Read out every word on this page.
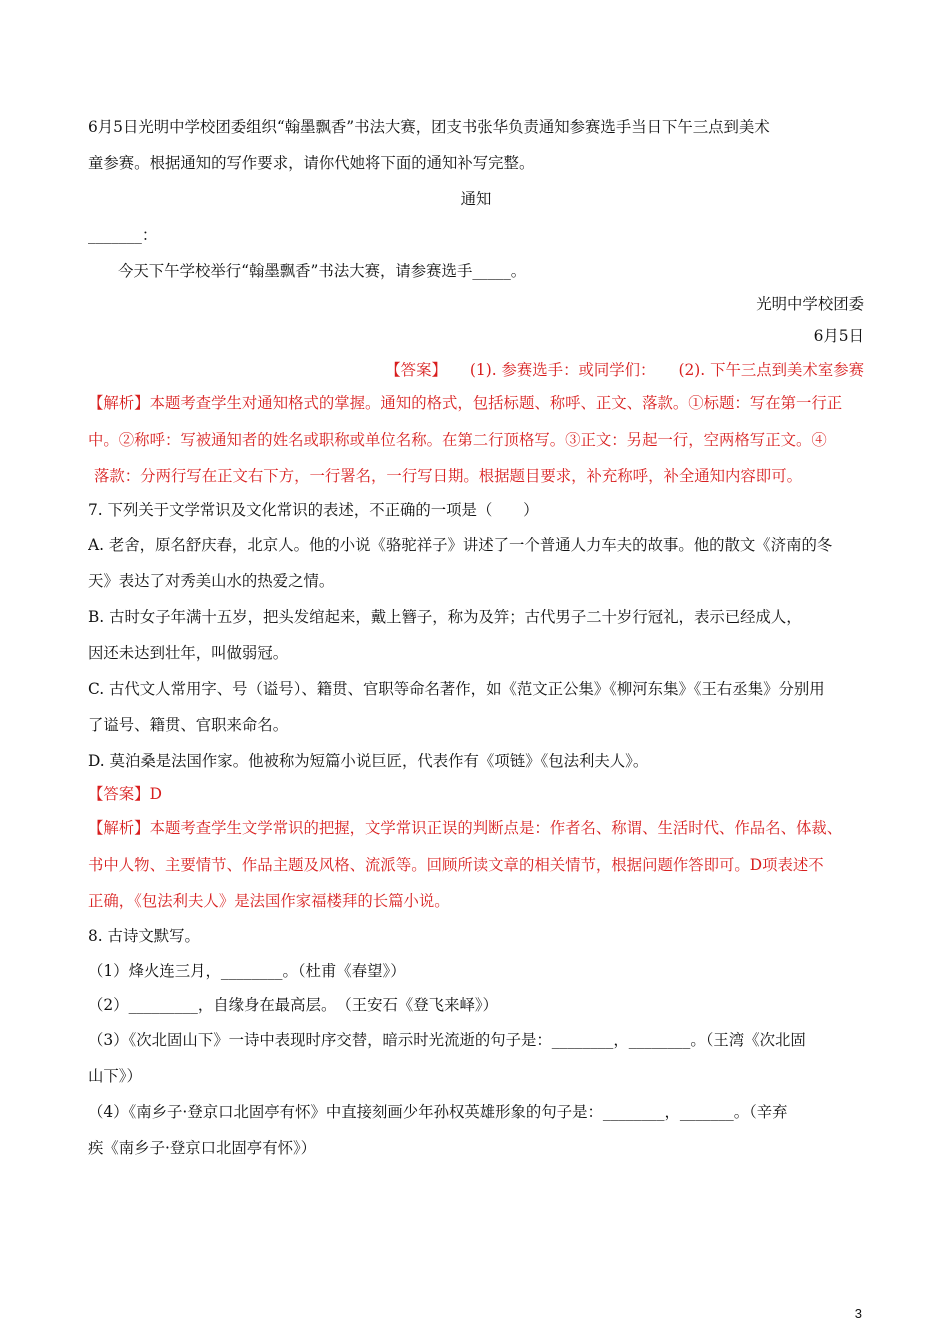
6月5日光明中学校团委组织“翰墨飘香”书法大赛，团支书张华负责通知参赛选手当日下午三点到美术
童参赛。根据通知的写作要求，请你代她将下面的通知补写完整。
通知
_______：
今天下午学校举行“翰墨飘香”书法大赛，请参赛选手_____。
光明中学校团委
6月5日
【答案】　　(1). 参赛选手：或同学们：　　(2). 下午三点到美术室参赛
【解析】本题考查学生对通知格式的掌握。通知的格式，包括标题、称呼、正文、落款。①标题：写在第一行正
中。②称呼：写被通知者的姓名或职称或单位名称。在第二行顶格写。③正文：另起一行，空两格写正文。④
落款：分两行写在正文右下方，一行署名，一行写日期。根据题目要求，补充称呼，补全通知内容即可。
7. 下列关于文学常识及文化常识的表述，不正确的一项是（　　）
A. 老舍，原名舒庆春，北京人。他的小说《骆驼祥子》讲述了一个普通人力车夫的故事。他的散文《济南的冬
天》表达了对秀美山水的热爱之情。
B. 古时女子年满十五岁，把头发绾起来，戴上簪子，称为及笄；古代男子二十岁行冠礼，表示已经成人，
因还未达到壮年，叫做弱冠。
C. 古代文人常用字、号（谥号）、籍贯、官职等命名著作，如《范文正公集》《柳河东集》《王右丞集》分别用
了谥号、籍贯、官职来命名。
D. 莫泊桑是法国作家。他被称为短篇小说巨匠，代表作有《项链》《包法利夫人》。
【答案】D
【解析】本题考查学生文学常识的把握，文学常识正误的判断点是：作者名、称谓、生活时代、作品名、体裁、
书中人物、主要情节、作品主题及风格、流派等。回顾所读文章的相关情节，根据问题作答即可。D项表述不
正确，《包法利夫人》是法国作家福楼拜的长篇小说。
8. 古诗文默写。
（1）烽火连三月，________。（杜甫《春望》）
（2）_________，自缘身在最高层。　（王安石《登飞来峄》）
（3）《次北固山下》一诗中表现时序交替，暗示时光流逝的句子是：________，________。（王湾《次北固
山下》）
（4）《南乡子·登京口北固亭有怀》中直接刻画少年孙权英雄形象的句子是：________，_______。（辛弃
疾《南乡子·登京口北固亭有怀》）
3
